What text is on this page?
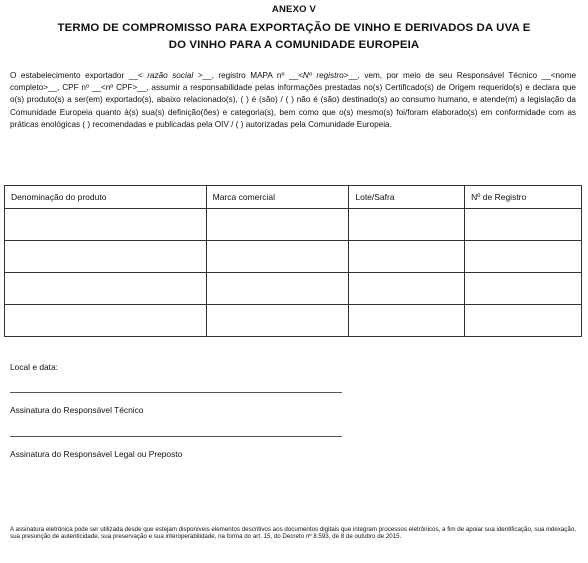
ANEXO V
TERMO DE COMPROMISSO PARA EXPORTAÇÃO DE VINHO E DERIVADOS DA UVA E
DO VINHO PARA A COMUNIDADE EUROPEIA
O estabelecimento exportador __< razão social >__, registro MAPA nº __<Nº registro>__, vem, por meio de seu Responsável Técnico __<nome completo>__, CPF nº __<nº CPF>__, assumir a responsabilidade pelas informações prestadas no(s) Certificado(s) de Origem requerido(s) e declara que o(s) produto(s) a ser(em) exportado(s), abaixo relacionado(s), ( ) é (são) / ( ) não é (são) destinado(s) ao consumo humano, e atende(m) a legislação da Comunidade Europeia quanto à(s) sua(s) definição(ões) e categoria(s), bem como que o(s) mesmo(s) foi/foram elaborado(s) em conformidade com as práticas enológicas ( ) recomendadas e publicadas pela OIV / ( ) autorizadas pela Comunidade Europeia.
Denominação do produto	Marca comercial	Lote/Safra	Nº de Registro

Local e data:
Assinatura do Responsável Técnico
Assinatura do Responsável Legal ou Preposto
A assinatura eletrônica pode ser utilizada desde que estejam disponíveis elementos descritivos aos documentos digitais que integram processos eletrônicos, a fim de apoiar sua identificação, sua indexação, sua presunção de autenticidade, sua preservação e sua interoperabilidade, na forma do art. 15, do Decreto nº 8.593, de 8 de outubro de 2015.
